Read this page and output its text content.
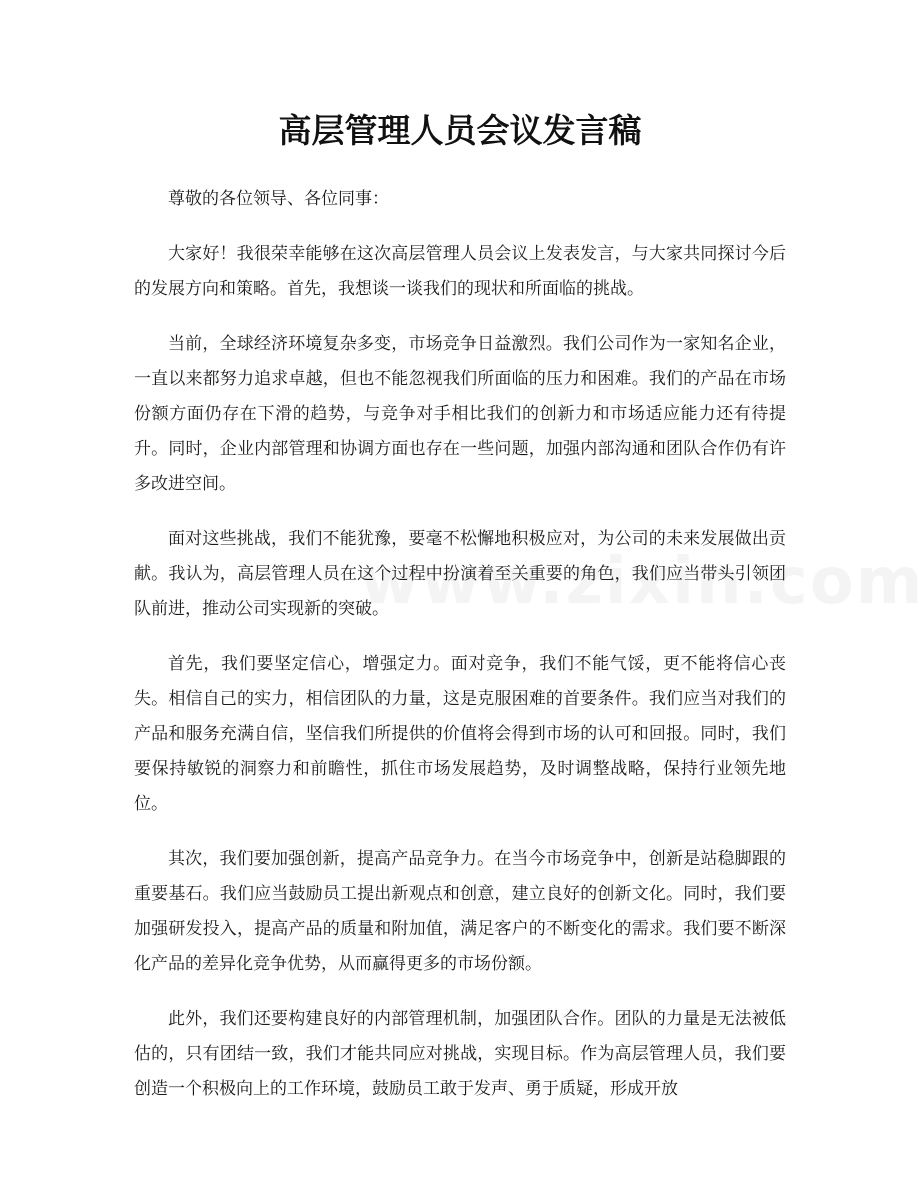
高层管理人员会议发言稿

尊敬的各位领导、各位同事：

大家好！我很荣幸能够在这次高层管理人员会议上发表发言，与大家共同探讨今后的发展方向和策略。首先，我想谈一谈我们的现状和所面临的挑战。

当前，全球经济环境复杂多变，市场竞争日益激烈。我们公司作为一家知名企业，一直以来都努力追求卓越，但也不能忽视我们所面临的压力和困难。我们的产品在市场份额方面仍存在下滑的趋势，与竞争对手相比我们的创新力和市场适应能力还有待提升。同时，企业内部管理和协调方面也存在一些问题，加强内部沟通和团队合作仍有许多改进空间。

面对这些挑战，我们不能犹豫，要毫不松懈地积极应对，为公司的未来发展做出贡献。我认为，高层管理人员在这个过程中扮演着至关重要的角色，我们应当带头引领团队前进，推动公司实现新的突破。

首先，我们要坚定信心，增强定力。面对竞争，我们不能气馁，更不能将信心丧失。相信自己的实力，相信团队的力量，这是克服困难的首要条件。我们应当对我们的产品和服务充满自信，坚信我们所提供的价值将会得到市场的认可和回报。同时，我们要保持敏锐的洞察力和前瞻性，抓住市场发展趋势，及时调整战略，保持行业领先地位。

其次，我们要加强创新，提高产品竞争力。在当今市场竞争中，创新是站稳脚跟的重要基石。我们应当鼓励员工提出新观点和创意，建立良好的创新文化。同时，我们要加强研发投入，提高产品的质量和附加值，满足客户的不断变化的需求。我们要不断深化产品的差异化竞争优势，从而赢得更多的市场份额。

此外，我们还要构建良好的内部管理机制，加强团队合作。团队的力量是无法被低估的，只有团结一致，我们才能共同应对挑战，实现目标。作为高层管理人员，我们要创造一个积极向上的工作环境，鼓励员工敢于发声、勇于质疑，形成开放
